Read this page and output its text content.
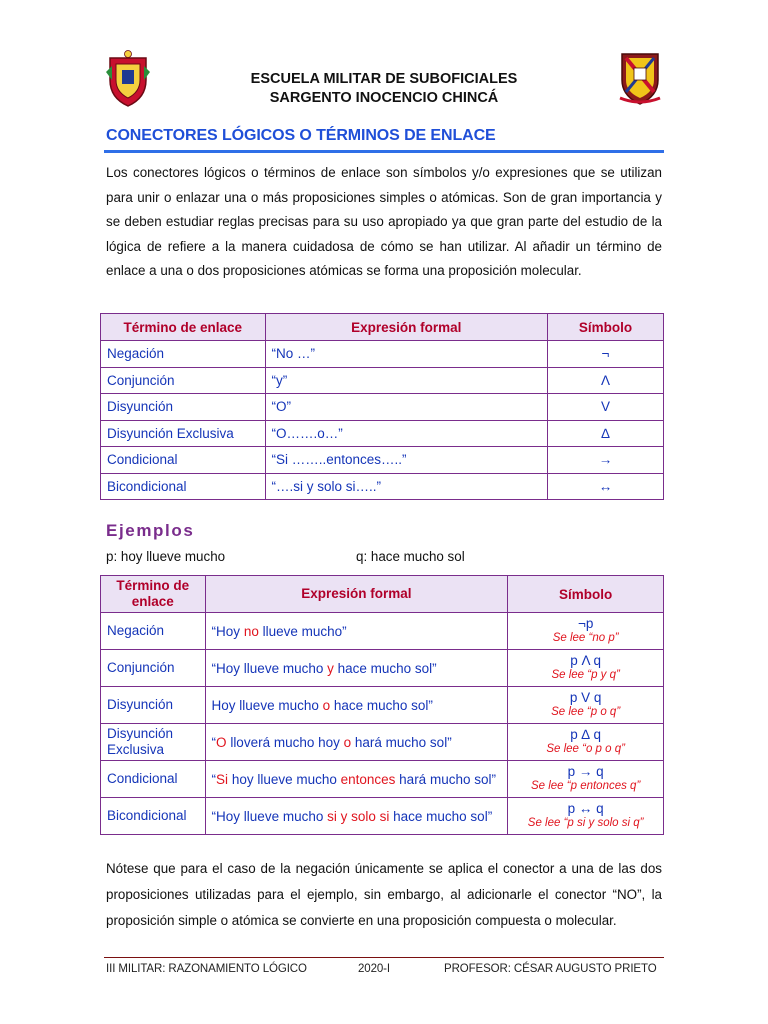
ESCUELA MILITAR DE SUBOFICIALES
SARGENTO INOCENCIO CHINCÁ
CONECTORES LÓGICOS O TÉRMINOS DE ENLACE
Los conectores lógicos o términos de enlace son símbolos y/o expresiones que se utilizan para unir o enlazar una o más proposiciones simples o atómicas. Son de gran importancia y se deben estudiar reglas precisas para su uso apropiado ya que gran parte del estudio de la lógica de refiere a la manera cuidadosa de cómo se han utilizar. Al añadir un término de enlace a una o dos proposiciones atómicas se forma una proposición molecular.
Término de enlace	Expresión formal	Símbolo
Negación	“No …”	¬
Conjunción	“y”	Λ
Disyunción	“O”	V
Disyunción Exclusiva	“O…….o…”	∆
Condicional	“Si ……..entonces…..”	→
Bicondicional	“….si y solo si…..”	↔
Ejemplos
p: hoy llueve mucho	q: hace mucho sol
Término de enlace	Expresión formal	Símbolo
Negación	“Hoy no llueve mucho”	¬p
Se lee “no p”

Conjunción	“Hoy llueve mucho y hace mucho sol”	p Λ q
Se lee “p y q”

Disyunción	Hoy llueve mucho o hace mucho sol”	p V q
Se lee “p o q”

Disyunción Exclusiva	“O lloverá mucho hoy o hará mucho sol”	p ∆ q
Se lee “o p o q”

Condicional	“Si hoy llueve mucho entonces hará mucho sol”	p → q
Se lee “p entonces q”

Bicondicional	“Hoy llueve mucho si y solo si hace mucho sol”	p ↔ q
Se lee “p si y solo si q”
Nótese que para el caso de la negación únicamente se aplica el conector a una de las dos proposiciones utilizadas para el ejemplo, sin embargo, al adicionarle el conector “NO”, la proposición simple o atómica se convierte en una proposición compuesta o molecular.
III MILITAR: RAZONAMIENTO LÓGICO	2020-I	PROFESOR: CÉSAR AUGUSTO PRIETO
